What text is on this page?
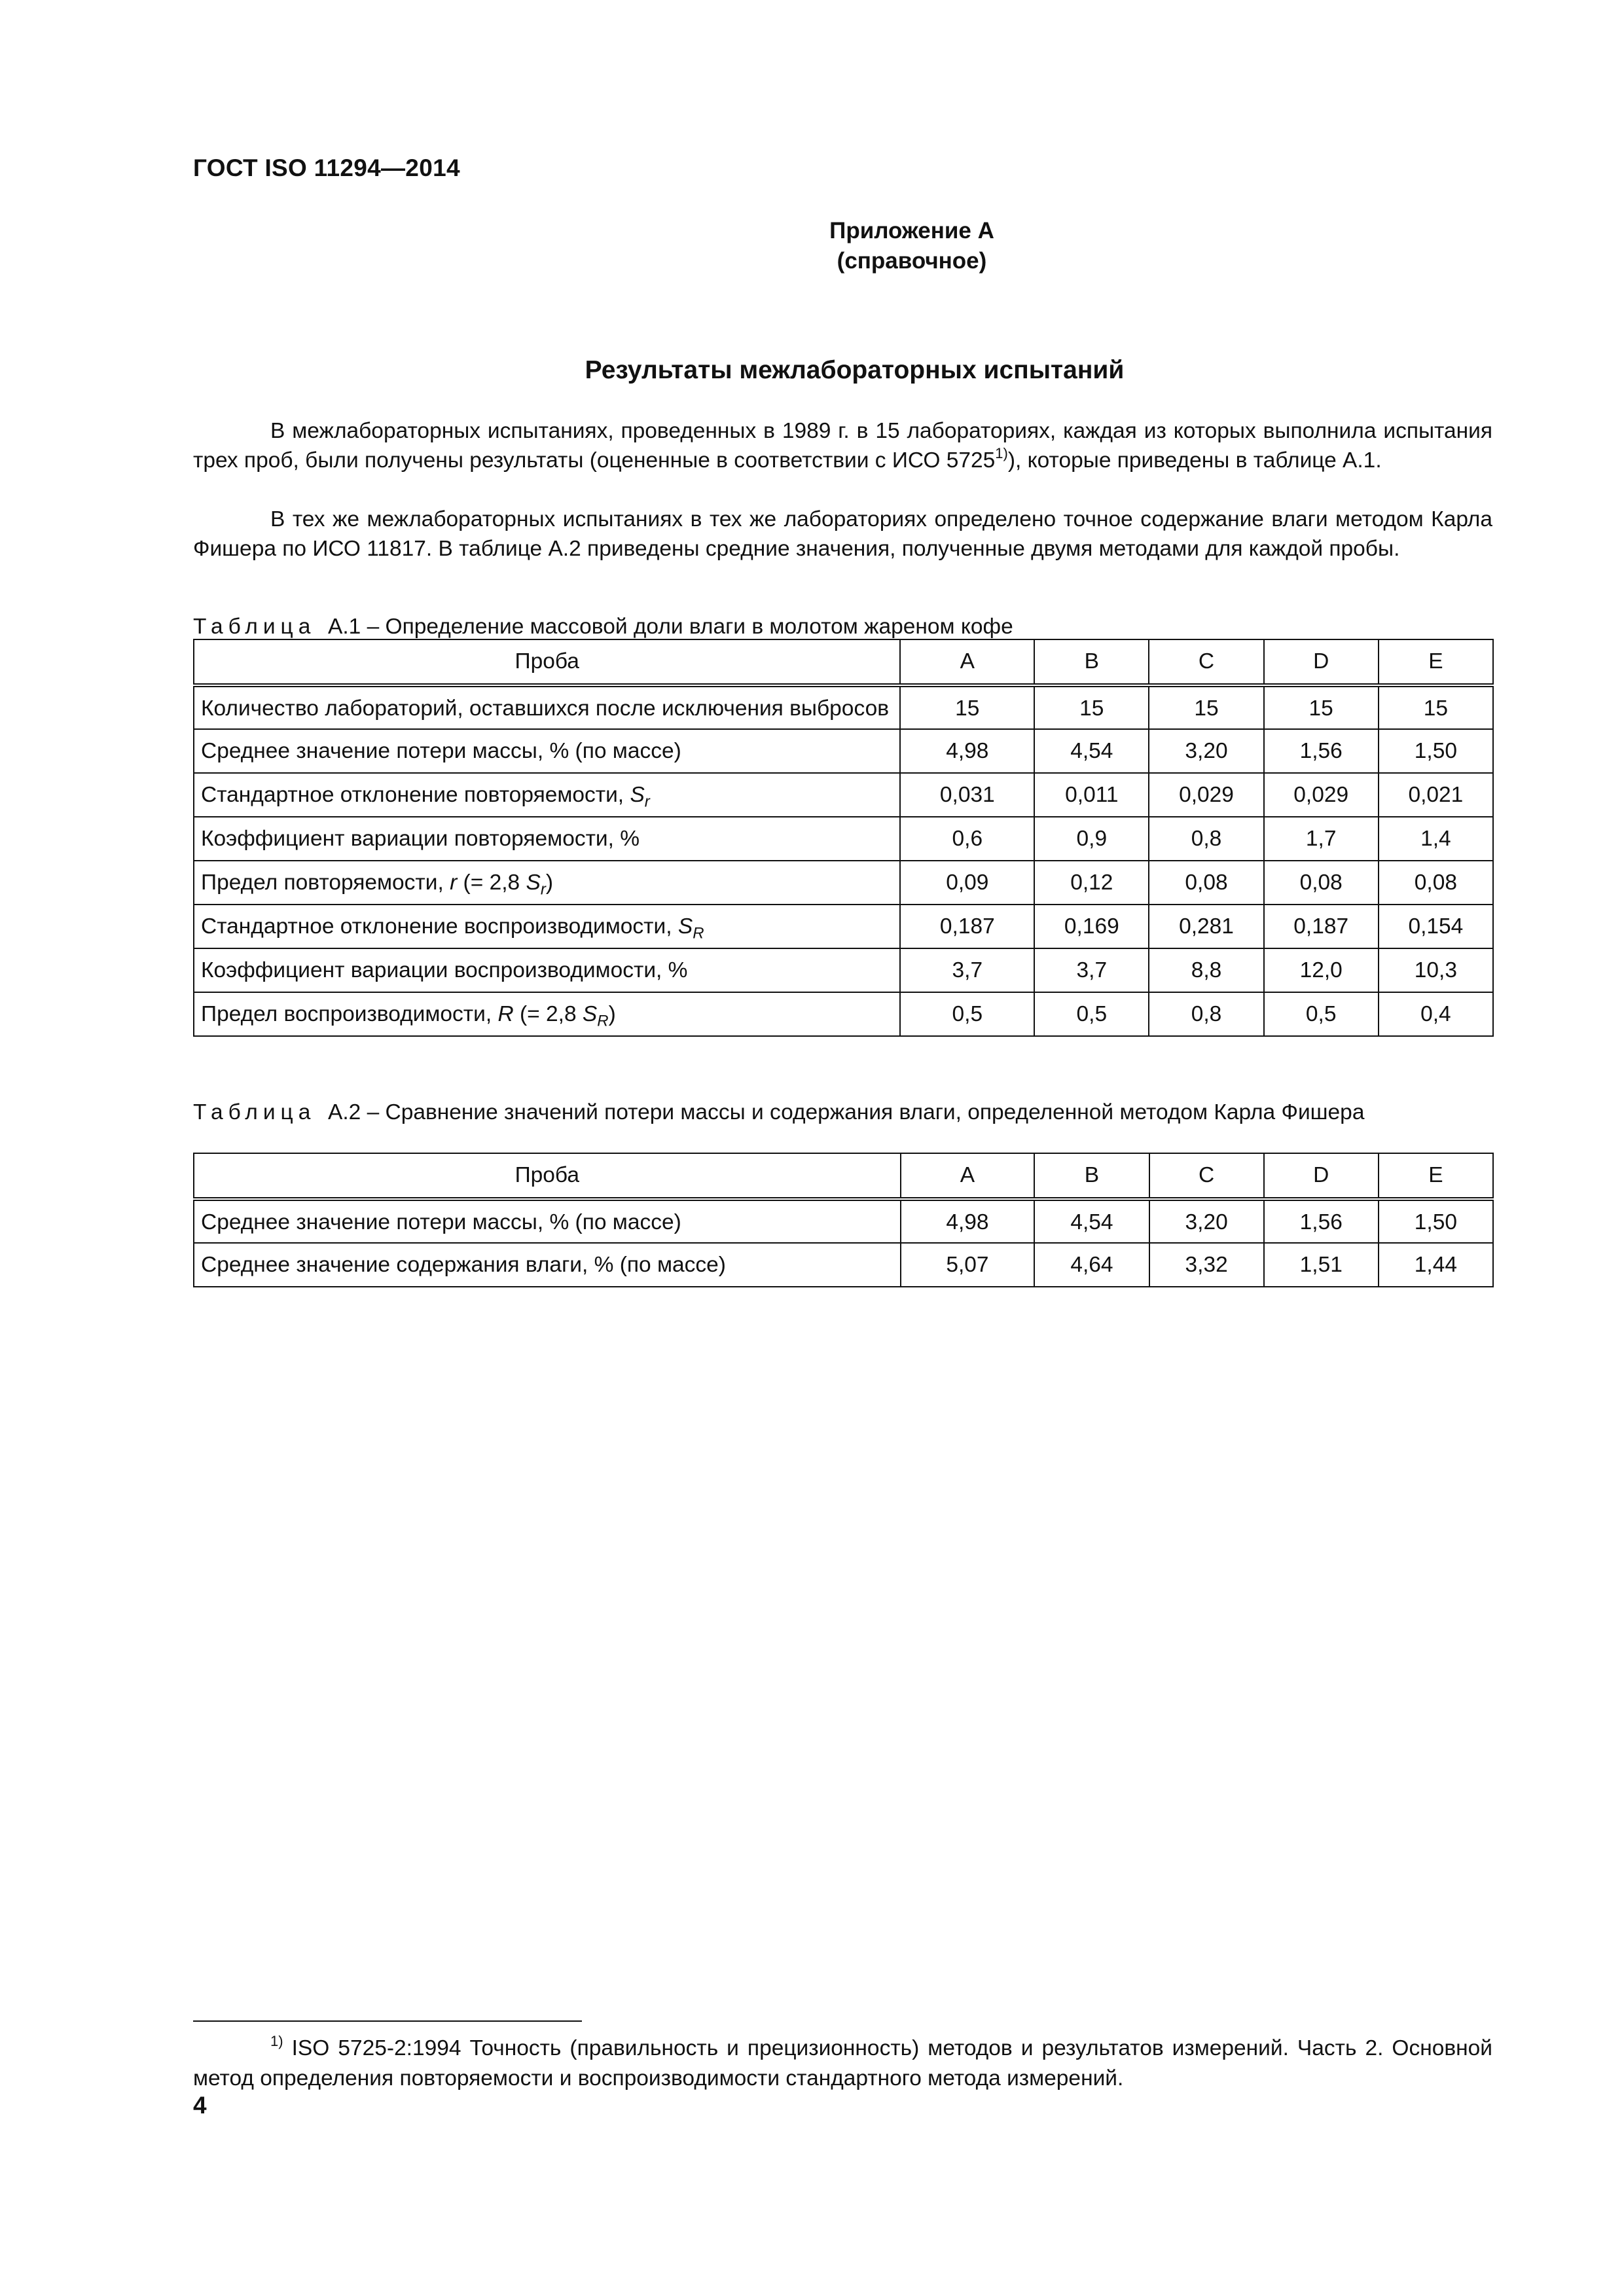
ГОСТ ISO 11294—2014
Приложение А
(справочное)
Результаты межлабораторных испытаний

В межлабораторных испытаниях, проведенных в 1989 г. в 15 лабораториях, каждая из которых выполнила испытания трех проб, были получены результаты (оцененные в соответствии с ИСО 5725$^{1)}$), которые приведены в таблице А.1.

В тех же межлабораторных испытаниях в тех же лабораториях определено точное содержание влаги методом Карла Фишера по ИСО 11817. В таблице А.2 приведены средние значения, полученные двумя методами для каждой пробы.

Таблица А.1 – Определение массовой доли влаги в молотом жареном кофе
Проба	А	В	С	D	Е
Количество лабораторий, оставшихся после исключения выбросов	15	15	15	15	15
Среднее значение потери массы, % (по массе)	4,98	4,54	3,20	1,56	1,50
Стандартное отклонение повторяемости, $S_r$	0,031	0,011	0,029	0,029	0,021
Коэффициент вариации повторяемости, %	0,6	0,9	0,8	1,7	1,4
Предел повторяемости, r (= 2,8 $S_r$)	0,09	0,12	0,08	0,08	0,08
Стандартное отклонение воспроизводимости, $S_R$	0,187	0,169	0,281	0,187	0,154
Коэффициент вариации воспроизводимости, %	3,7	3,7	8,8	12,0	10,3
Предел воспроизводимости, R (= 2,8 $S_R$)	0,5	0,5	0,8	0,5	0,4
Таблица А.2 – Сравнение значений потери массы и содержания влаги, определенной методом Карла Фишера
Проба	А	В	С	D	Е
Среднее значение потери массы, % (по массе)	4,98	4,54	3,20	1,56	1,50
Среднее значение содержания влаги, % (по массе)	5,07	4,64	3,32	1,51	1,44
$^{1)}$ ISO 5725-2:1994 Точность (правильность и прецизионность) методов и результатов измерений. Часть 2. Основной метод определения повторяемости и воспроизводимости стандартного метода измерений.
4
